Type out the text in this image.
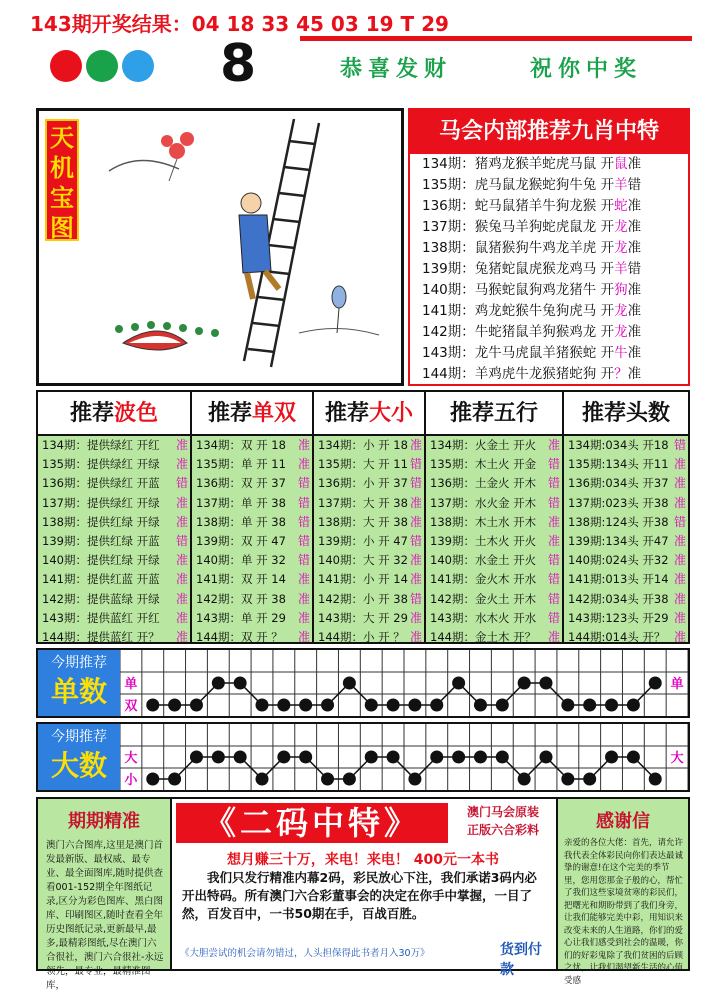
143期开奖结果：04 18 33 45 03 19 T 29
8	恭喜发财	祝你中奖
天
机
宝
图
马会内部推荐九肖中特
134期：猪鸡龙猴羊蛇虎马鼠 开鼠准
135期：虎马鼠龙猴蛇狗牛兔 开羊错
136期：蛇马鼠猪羊牛狗龙猴 开蛇准
137期：猴兔马羊狗蛇虎鼠龙 开龙准
138期：鼠猪猴狗牛鸡龙羊虎 开龙准
139期：兔猪蛇鼠虎猴龙鸡马 开羊错
140期：马猴蛇鼠狗鸡龙猪牛 开狗准
141期：鸡龙蛇猴牛兔狗虎马 开龙准
142期：牛蛇猪鼠羊狗猴鸡龙 开龙准
143期：龙牛马虎鼠羊猪猴蛇 开牛准
144期：羊鸡虎牛龙猴猪蛇狗 开？准
推荐波色
134期：提供绿红 开红 准
135期：提供绿红 开绿 准
136期：提供绿红 开蓝 错
137期：提供绿红 开绿 准
138期：提供红绿 开绿 准
139期：提供红绿 开蓝 错
140期：提供红绿 开绿 准
141期：提供红蓝 开蓝 准
142期：提供蓝绿 开绿 准
143期：提供蓝红 开红 准
144期：提供蓝红 开？ 准
推荐单双
134期：双 开 18 准
135期：单 开 11 准
136期：双 开 37 错
137期：单 开 38 错
138期：单 开 38 错
139期：双 开 47 错
140期：单 开 32 错
141期：双 开 14 准
142期：双 开 38 准
143期：单 开 29 准
144期：双 开 ？ 准
推荐大小
134期：小 开 18 准
135期：大 开 11 错
136期：小 开 37 错
137期：大 开 38 准
138期：大 开 38 准
139期：小 开 47 错
140期：大 开 32 准
141期：小 开 14 准
142期：小 开 38 错
143期：大 开 29 准
144期：小 开 ？ 准
推荐五行
134期：火金土 开火 准
135期：木土火 开金 错
136期：土金火 开木 错
137期：水火金 开木 错
138期：木土水 开木 准
139期：土木火 开火 准
140期：水金土 开火 错
141期：金火木 开水 错
142期：金火土 开木 错
143期：水木火 开水 错
144期：金土木 开？ 准
推荐头数
134期:034头 开18 错
135期:134头 开11 准
136期:034头 开37 准
137期:023头 开38 准
138期:124头 开38 错
139期:134头 开47 准
140期:024头 开32 准
141期:013头 开14 准
142期:034头 开38 准
143期:123头 开29 准
144期:014头 开？ 准
今期推荐
单数	单
双
单
今期推荐
大数	大
小
大
期期精准
澳门六合图库,这里是澳门首发最新版、最权威、最专业、最全面图库,随时提供查看001-152期全年图纸记录,区分为彩色图库、黑白图库、印刷图区,随时查看全年历史图纸记录,更新最早,最多,最精彩图纸,尽在澳门六合很社，澳门六合很社-永远领先，最专业，最精准图库，
《二码中特》	澳门马会原装
正版六合彩料
想月赚三十万，来电！来电！ 400元一本书
我们只发行精准内幕2码，彩民放心下注，我们承诺3码内必开出特码。所有澳门六合彩董事会的决定在你手中掌握，一目了然，百发百中，一书50期在手，百战百胜。
《大胆尝试的机会请勿错过，人头担保得此书者月入30万》	货到付款
感谢信
亲爱的各位大佬：首先，请允许我代表全体彩民向你们表达最诚挚的谢意!在这个完美的季节里，您用您那金子般的心，帮忙了我们这些家境贫寒的彩民们，把曙光和期盼带到了我们身旁，让我们能够完美中彩，用知识来改变未来的人生道路，你们的爱心让我们感受到社会的温暖，你们的好彩鬼除了我们贫困的后顾之忧，让我们渴望新生活的心值受感
